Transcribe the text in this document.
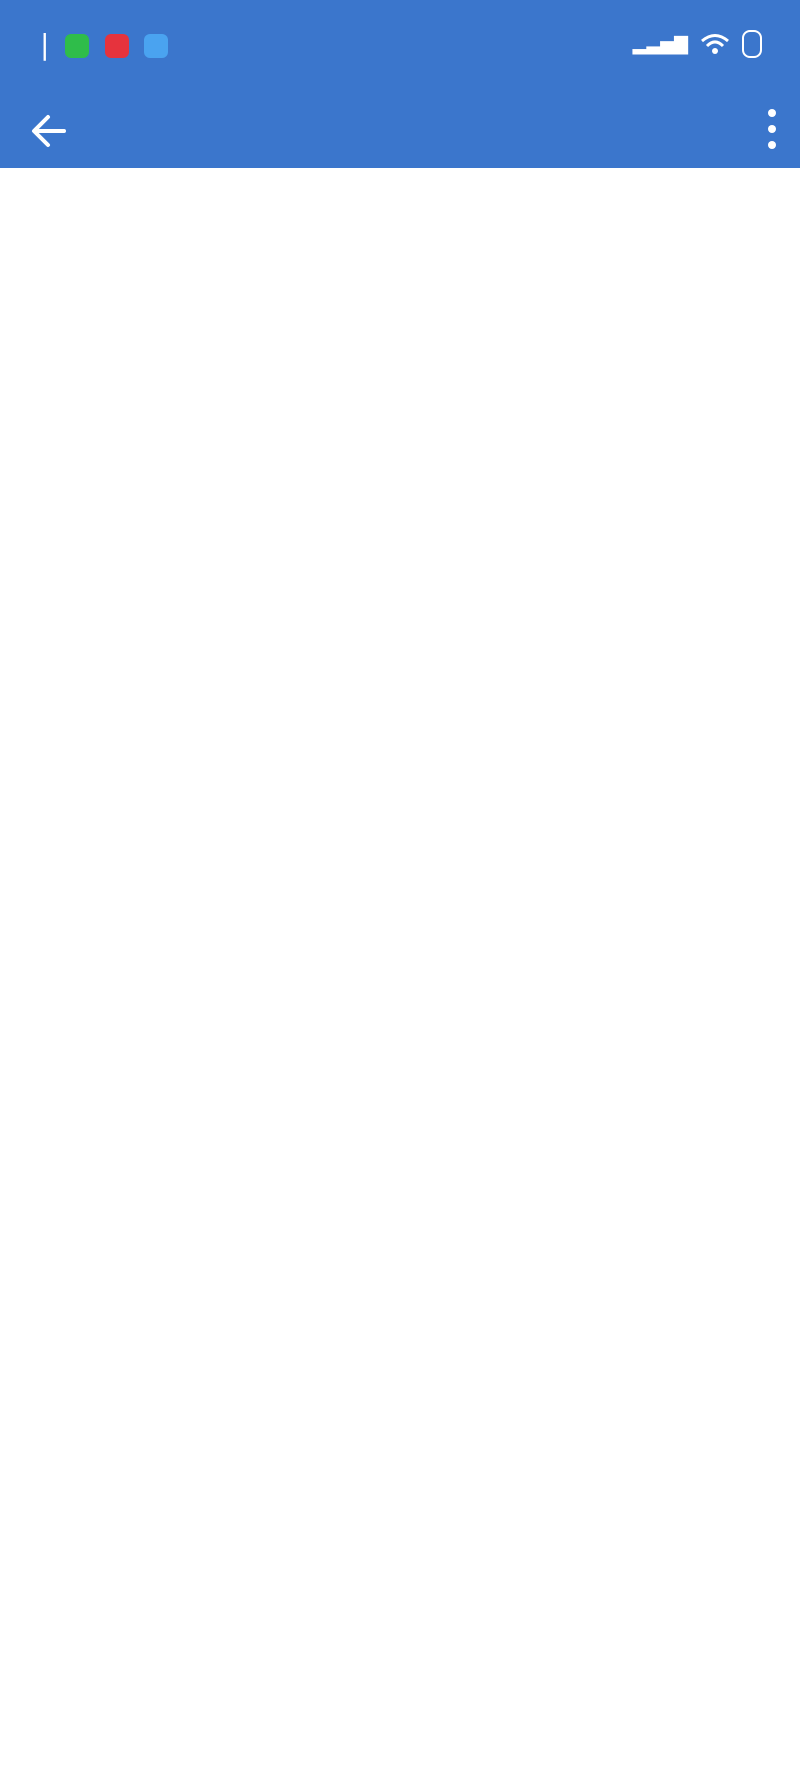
|	▂▃▅▇
